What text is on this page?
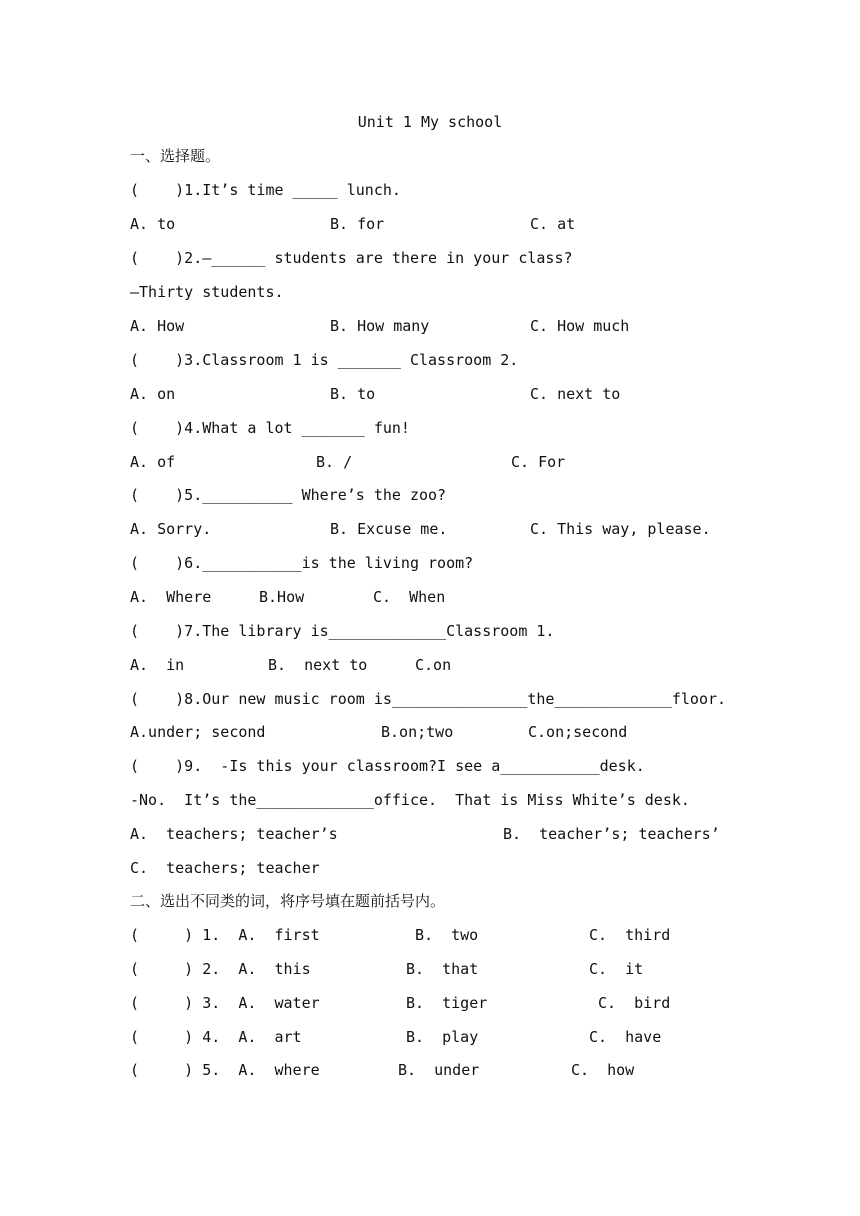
Unit 1 My school
一、选择题。
(    )1.It’s time _____ lunch.
A. to	B. for	C. at
(    )2.—______ students are there in your class?
—Thirty students.
A. How	B. How many	C. How much
(    )3.Classroom 1 is _______ Classroom 2.
A. on	B. to	C. next to
(    )4.What a lot _______ fun!
A. of	B. /	C. For
(    )5.__________ Where’s the zoo?
A. Sorry.	B. Excuse me.	C. This way, please.
(    )6.___________is the living room?
A.  Where	B.How	C.  When
(    )7.The library is_____________Classroom 1.
A.  in	B.  next to	C.on
(    )8.Our new music room is_______________the_____________floor.
A.under; second	B.on;two	C.on;second
(    )9.  -Is this your classroom?I see a___________desk.
-No.  It’s the_____________office.  That is Miss White’s desk.
A.  teachers; teacher’s	B.  teacher’s; teachers’
C.  teachers; teacher
二、选出不同类的词，将序号填在题前括号内。
(     ) 1.  A.  first	B.  two	C.  third
(     ) 2.  A.  this	B.  that	C.  it
(     ) 3.  A.  water	B.  tiger	C.  bird
(     ) 4.  A.  art	B.  play	C.  have
(     ) 5.  A.  where	B.  under	C.  how
